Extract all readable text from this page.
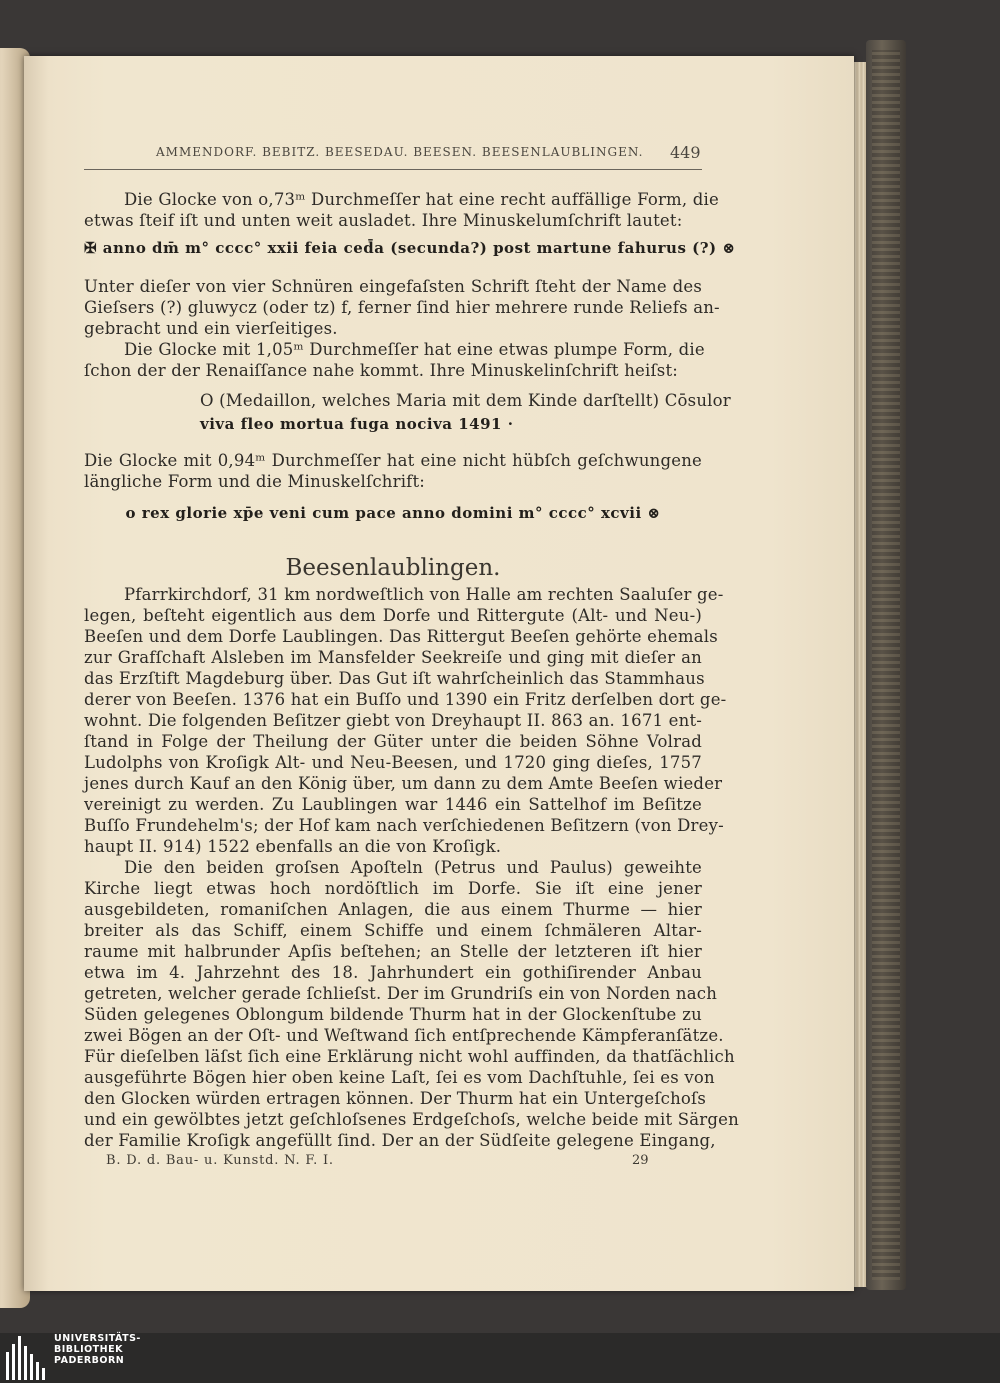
AMMENDORF. BEBITZ. BEESEDAU. BEESEN. BEESENLAUBLINGEN. 449
Die Glocke von o,73ᵐ Durchmeſſer hat eine recht auffällige Form, die
etwas ſteif iſt und unten weit ausladet. Ihre Minuskelumſchrift lautet:
✠ anno dm̄ m° cccc° xxii feia ced̄a (secunda?) post martune fahurus (?) ⊗
Unter dieſer von vier Schnüren eingefaſsten Schrift ſteht der Name des
Gieſsers (?) gluwycz (oder tz) f, ferner ſind hier mehrere runde Reliefs an-
gebracht und ein vierſeitiges.
Die Glocke mit 1,05ᵐ Durchmeſſer hat eine etwas plumpe Form, die
ſchon der der Renaiſſance nahe kommt. Ihre Minuskelinſchrift heiſst:
O (Medaillon, welches Maria mit dem Kinde darſtellt) Cōsulor
viva fleo mortua fuga nociva 1491 ·
Die Glocke mit 0,94ᵐ Durchmeſſer hat eine nicht hübſch geſchwungene
längliche Form und die Minuskelſchrift:
o rex glorie xp̄e veni cum pace anno domini m° cccc° xcvii ⊗
Beesenlaublingen.
Pfarrkirchdorf, 31 km nordweſtlich von Halle am rechten Saaluſer ge-
legen, beſteht eigentlich aus dem Dorfe und Rittergute (Alt- und Neu-)
Beeſen und dem Dorfe Laublingen. Das Rittergut Beeſen gehörte ehemals
zur Grafſchaft Alsleben im Mansfelder Seekreiſe und ging mit dieſer an
das Erzſtift Magdeburg über. Das Gut iſt wahrſcheinlich das Stammhaus
derer von Beeſen. 1376 hat ein Buſſo und 1390 ein Fritz derſelben dort ge-
wohnt. Die folgenden Beſitzer giebt von Dreyhaupt II. 863 an. 1671 ent-
ſtand in Folge der Theilung der Güter unter die beiden Söhne Volrad
Ludolphs von Kroſigk Alt- und Neu-Beesen, und 1720 ging dieſes, 1757
jenes durch Kauf an den König über, um dann zu dem Amte Beeſen wieder
vereinigt zu werden. Zu Laublingen war 1446 ein Sattelhof im Beſitze
Buſſo Frundehelm's; der Hof kam nach verſchiedenen Beſitzern (von Drey-
haupt II. 914) 1522 ebenfalls an die von Kroſigk.
Die den beiden groſsen Apoſteln (Petrus und Paulus) geweihte
Kirche liegt etwas hoch nordöſtlich im Dorfe. Sie iſt eine jener
ausgebildeten, romaniſchen Anlagen, die aus einem Thurme — hier
breiter als das Schiff, einem Schiffe und einem ſchmäleren Altar-
raume mit halbrunder Apſis beſtehen; an Stelle der letzteren iſt hier
etwa im 4. Jahrzehnt des 18. Jahrhundert ein gothiſirender Anbau
getreten, welcher gerade ſchlieſst. Der im Grundriſs ein von Norden nach
Süden gelegenes Oblongum bildende Thurm hat in der Glockenſtube zu
zwei Bögen an der Oſt- und Weſtwand ſich entſprechende Kämpferanſätze.
Für dieſelben läſst ſich eine Erklärung nicht wohl auffinden, da thatſächlich
ausgeführte Bögen hier oben keine Laſt, ſei es vom Dachſtuhle, ſei es von
den Glocken würden ertragen können. Der Thurm hat ein Untergeſchoſs
und ein gewölbtes jetzt geſchloſsenes Erdgeſchoſs, welche beide mit Särgen
der Familie Kroſigk angefüllt ſind. Der an der Südſeite gelegene Eingang,
B. D. d. Bau- u. Kunstd. N. F. I.	29
UNIVERSITÄTS-
BIBLIOTHEK
PADERBORN
